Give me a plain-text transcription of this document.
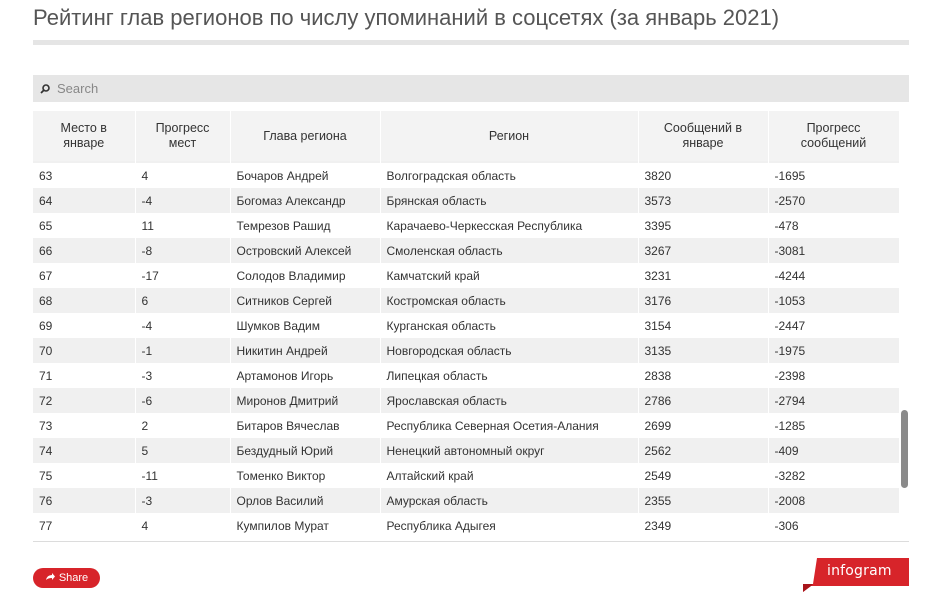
Рейтинг глав регионов по числу упоминаний в соцсетях (за январь 2021)
Search
Место в январе	Прогресс мест	Глава региона	Регион	Сообщений в январе	Прогресс сообщений

63	4	Бочаров Андрей	Волгоградская область	3820	-1695
64	-4	Богомаз Александр	Брянская область	3573	-2570
65	11	Темрезов Рашид	Карачаево-Черкесская Республика	3395	-478
66	-8	Островский Алексей	Смоленская область	3267	-3081
67	-17	Солодов Владимир	Камчатский край	3231	-4244
68	6	Ситников Сергей	Костромская область	3176	-1053
69	-4	Шумков Вадим	Курганская область	3154	-2447
70	-1	Никитин Андрей	Новгородская область	3135	-1975
71	-3	Артамонов Игорь	Липецкая область	2838	-2398
72	-6	Миронов Дмитрий	Ярославская область	2786	-2794
73	2	Битаров Вячеслав	Республика Северная Осетия-Алания	2699	-1285
74	5	Бездудный Юрий	Ненецкий автономный округ	2562	-409
75	-11	Томенко Виктор	Алтайский край	2549	-3282
76	-3	Орлов Василий	Амурская область	2355	-2008
77	4	Кумпилов Мурат	Республика Адыгея	2349	-306
Share	infogram
